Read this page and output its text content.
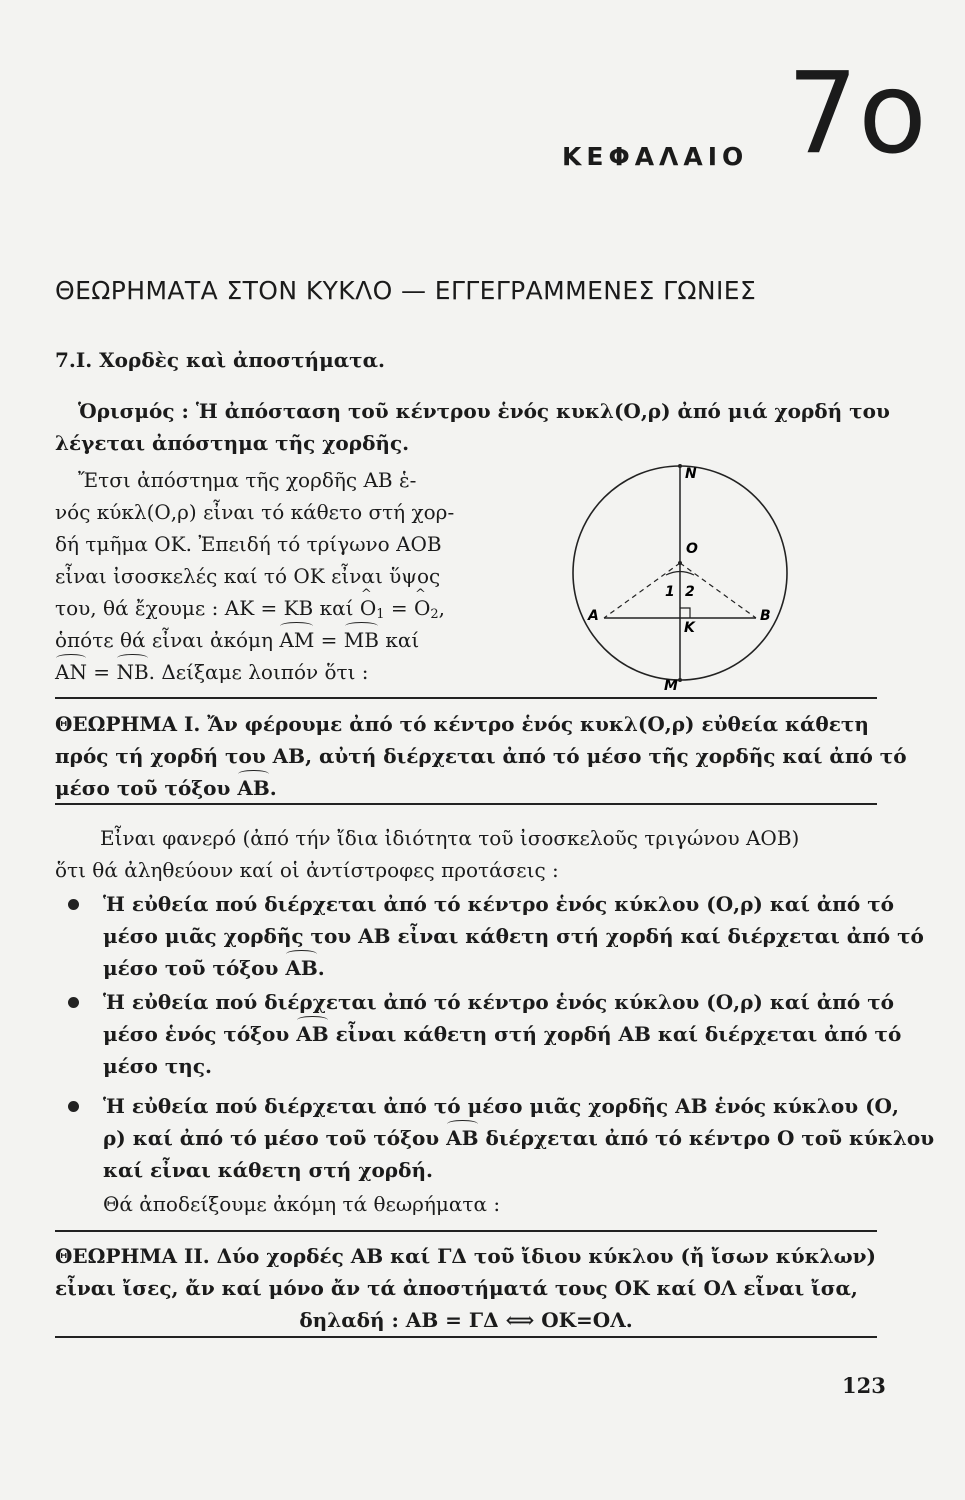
ΚΕΦΑΛΑΙΟ 7ο
ΘΕΩΡΗΜΑΤΑ ΣΤΟΝ ΚΥΚΛΟ — ΕΓΓΕΓΡΑΜΜΕΝΕΣ ΓΩΝΙΕΣ
7.Ι. Χορδὲς καὶ ἀποστήματα.
Ὁρισμός : Ἡ ἀπόσταση τοῦ κέντρου ἑνός κυκλ(Ο,ρ) ἀπό μιά χορδή του
λέγεται ἀπόστημα τῆς χορδῆς.
Ἔτσι ἀπόστημα τῆς χορδῆς ΑΒ ἑ-
νός κύκλ(Ο,ρ) εἶναι τό κάθετο στή χορ-
δή τμῆμα ΟΚ. Ἐπειδή τό τρίγωνο ΑΟΒ
εἶναι ἰσοσκελές καί τό ΟΚ εἶναι ὕψος
του, θά ἔχουμε : ΑΚ = ΚΒ καί ^ $O_1$ = ^ $O_2$,
ὁπότε θά εἶναι ἀκόμη ΑΜ = ΜΒ καί
ΑΝ = ΝΒ. Δείξαμε λοιπόν ὅτι :
N
O
1 2
A	B
K
M
ΘΕΩΡΗΜΑ Ι. Ἄν φέρουμε ἀπό τό κέντρο ἑνός κυκλ(Ο,ρ) εὐθεία κάθετη
πρός τή χορδή του ΑΒ, αὐτή διέρχεται ἀπό τό μέσο τῆς χορδῆς καί ἀπό τό
μέσο τοῦ τόξου ΑΒ.
Εἶναι φανερό (ἀπό τήν ἴδια ἰδιότητα τοῦ ἰσοσκελοῦς τριγώνου ΑΟΒ)
ὅτι θά ἀληθεύουν καί οἱ ἀντίστροφες προτάσεις :
Ἡ εὐθεία πού διέρχεται ἀπό τό κέντρο ἑνός κύκλου (Ο,ρ) καί ἀπό τό
μέσο μιᾶς χορδῆς του ΑΒ εἶναι κάθετη στή χορδή καί διέρχεται ἀπό τό
μέσο τοῦ τόξου ΑΒ.
Ἡ εὐθεία πού διέρχεται ἀπό τό κέντρο ἑνός κύκλου (Ο,ρ) καί ἀπό τό
μέσο ἑνός τόξου ΑΒ εἶναι κάθετη στή χορδή ΑΒ καί διέρχεται ἀπό τό
μέσο της.
Ἡ εὐθεία πού διέρχεται ἀπό τό μέσο μιᾶς χορδῆς ΑΒ ἑνός κύκλου (Ο,
ρ) καί ἀπό τό μέσο τοῦ τόξου ΑΒ διέρχεται ἀπό τό κέντρο Ο τοῦ κύκλου
καί εἶναι κάθετη στή χορδή.
Θά ἀποδείξουμε ἀκόμη τά θεωρήματα :
ΘΕΩΡΗΜΑ ΙΙ. Δύο χορδές ΑΒ καί ΓΔ τοῦ ἴδιου κύκλου (ἤ ἴσων κύκλων)
εἶναι ἴσες, ἄν καί μόνο ἄν τά ἀποστήματά τους ΟΚ καί ΟΛ εἶναι ἴσα,
δηλαδή : ΑΒ = ΓΔ ⟺ ΟΚ=ΟΛ.
123
